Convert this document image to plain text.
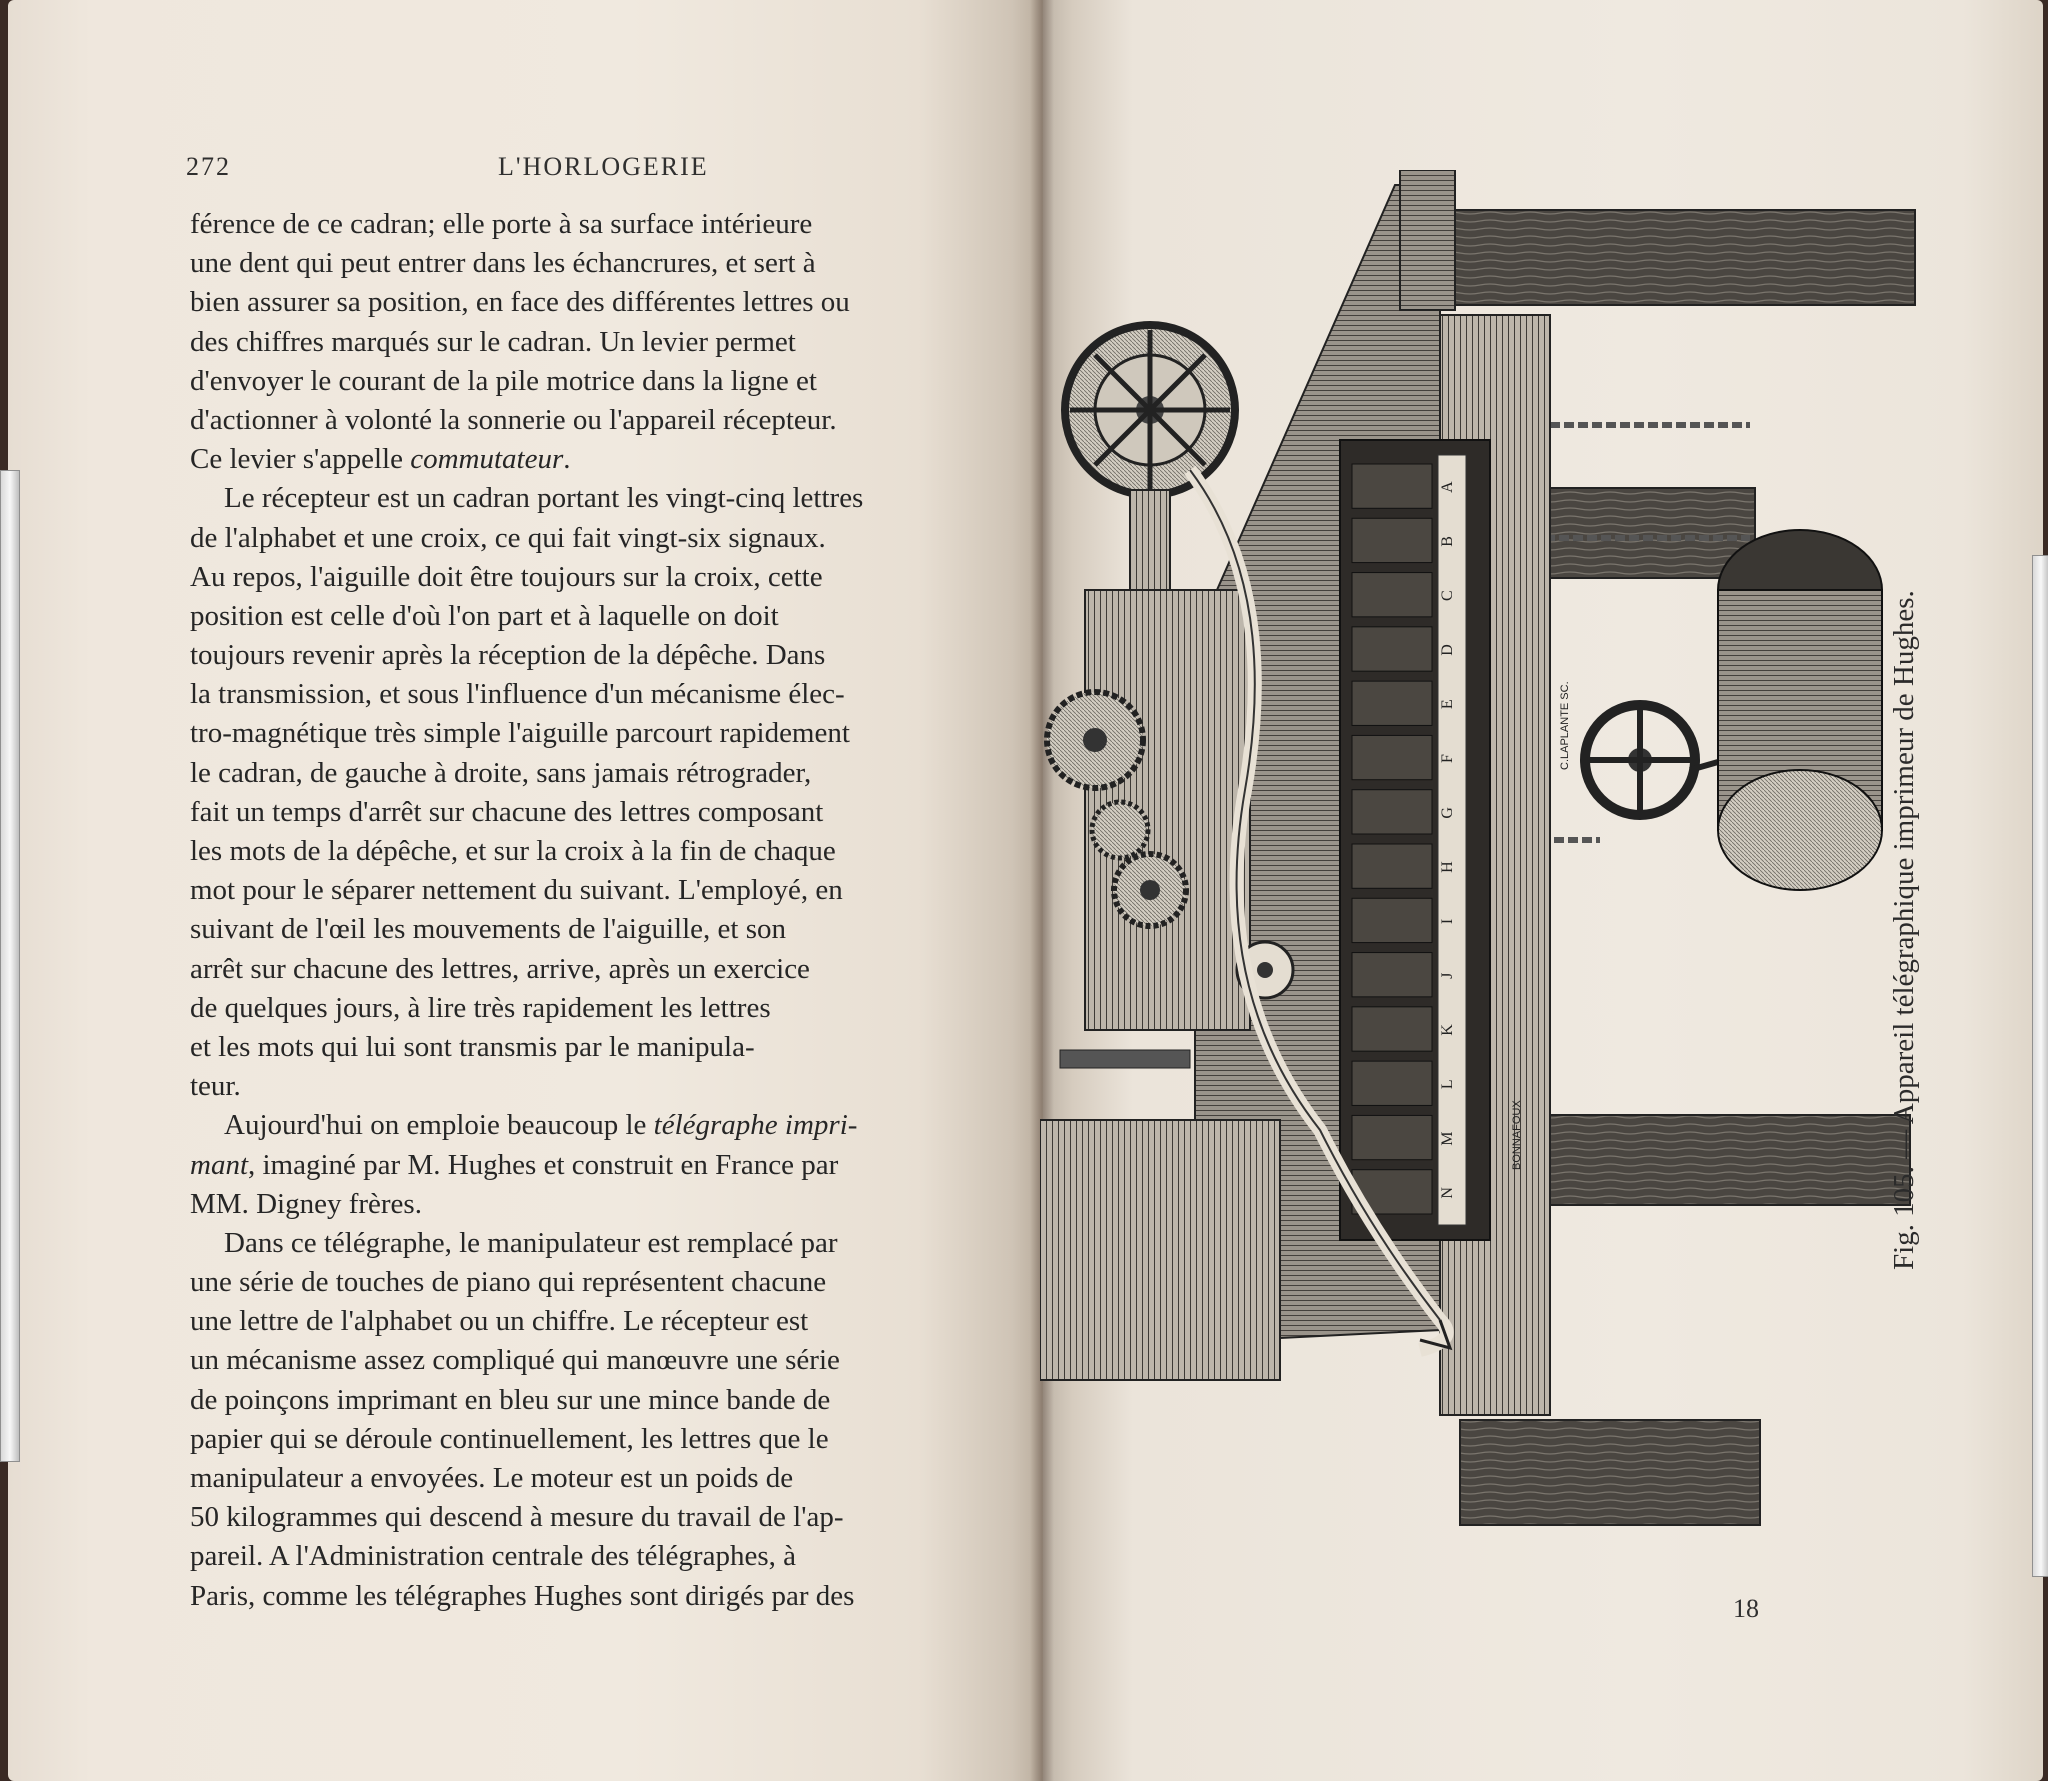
272	L'HORLOGERIE
férence de ce cadran; elle porte à sa surface intérieure
une dent qui peut entrer dans les échancrures, et sert à
bien assurer sa position, en face des différentes lettres ou
des chiffres marqués sur le cadran. Un levier permet
d'envoyer le courant de la pile motrice dans la ligne et
d'actionner à volonté la sonnerie ou l'appareil récepteur.
Ce levier s'appelle commutateur.
Le récepteur est un cadran portant les vingt-cinq lettres
de l'alphabet et une croix, ce qui fait vingt-six signaux.
Au repos, l'aiguille doit être toujours sur la croix, cette
position est celle d'où l'on part et à laquelle on doit
toujours revenir après la réception de la dépêche. Dans
la transmission, et sous l'influence d'un mécanisme élec-
tro-magnétique très simple l'aiguille parcourt rapidement
le cadran, de gauche à droite, sans jamais rétrograder,
fait un temps d'arrêt sur chacune des lettres composant
les mots de la dépêche, et sur la croix à la fin de chaque
mot pour le séparer nettement du suivant. L'employé, en
suivant de l'œil les mouvements de l'aiguille, et son
arrêt sur chacune des lettres, arrive, après un exercice
de quelques jours, à lire très rapidement les lettres
et les mots qui lui sont transmis par le manipula-
teur.
Aujourd'hui on emploie beaucoup le télégraphe impri-
mant, imaginé par M. Hughes et construit en France par
MM. Digney frères.
Dans ce télégraphe, le manipulateur est remplacé par
une série de touches de piano qui représentent chacune
une lettre de l'alphabet ou un chiffre. Le récepteur est
un mécanisme assez compliqué qui manœuvre une série
de poinçons imprimant en bleu sur une mince bande de
papier qui se déroule continuellement, les lettres que le
manipulateur a envoyées. Le moteur est un poids de
50 kilogrammes qui descend à mesure du travail de l'ap-
pareil. A l'Administration centrale des télégraphes, à
Paris, comme les télégraphes Hughes sont dirigés par des
A
B
C
D
E
F
G
H
I
J
K
L
M
N
C.LAPLANTE SC.
BONNAFOUX	Fig. 105. — Appareil télégraphique imprimeur de Hughes.
18
